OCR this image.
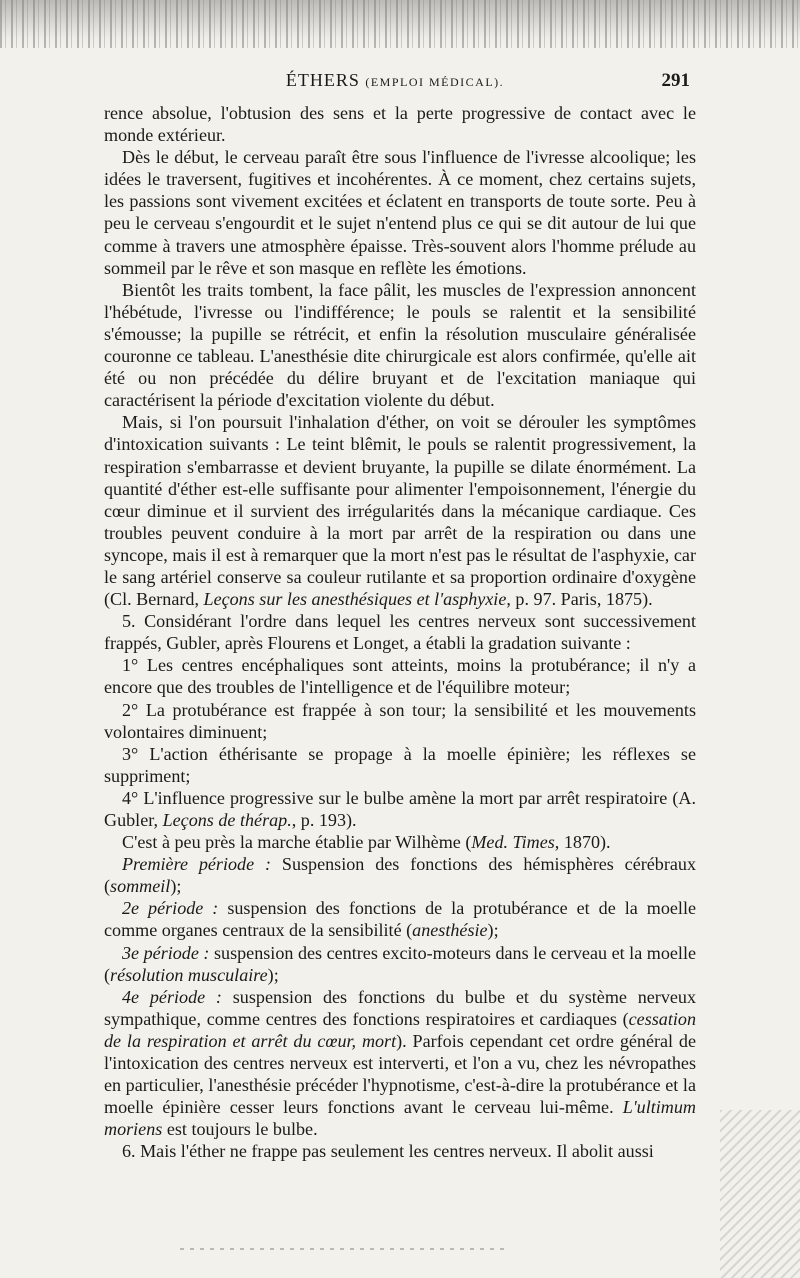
ÉTHERS (EMPLOI MÉDICAL).	291

rence absolue, l'obtusion des sens et la perte progressive de contact avec le monde extérieur.

Dès le début, le cerveau paraît être sous l'influence de l'ivresse alcoolique; les idées le traversent, fugitives et incohérentes. À ce moment, chez certains sujets, les passions sont vivement excitées et éclatent en transports de toute sorte. Peu à peu le cerveau s'engourdit et le sujet n'entend plus ce qui se dit autour de lui que comme à travers une atmosphère épaisse. Très-souvent alors l'homme prélude au sommeil par le rêve et son masque en reflète les émotions.

Bientôt les traits tombent, la face pâlit, les muscles de l'expression annoncent l'hébétude, l'ivresse ou l'indifférence; le pouls se ralentit et la sensibilité s'émousse; la pupille se rétrécit, et enfin la résolution musculaire généralisée couronne ce tableau. L'anesthésie dite chirurgicale est alors confirmée, qu'elle ait été ou non précédée du délire bruyant et de l'excitation maniaque qui caractérisent la période d'excitation violente du début.

Mais, si l'on poursuit l'inhalation d'éther, on voit se dérouler les symptômes d'intoxication suivants : Le teint blêmit, le pouls se ralentit progressivement, la respiration s'embarrasse et devient bruyante, la pupille se dilate énormément. La quantité d'éther est-elle suffisante pour alimenter l'empoisonnement, l'énergie du cœur diminue et il survient des irrégularités dans la mécanique cardiaque. Ces troubles peuvent conduire à la mort par arrêt de la respiration ou dans une syncope, mais il est à remarquer que la mort n'est pas le résultat de l'asphyxie, car le sang artériel conserve sa couleur rutilante et sa proportion ordinaire d'oxygène (Cl. Bernard, Leçons sur les anesthésiques et l'asphyxie, p. 97. Paris, 1875).

5. Considérant l'ordre dans lequel les centres nerveux sont successivement frappés, Gubler, après Flourens et Longet, a établi la gradation suivante :

1° Les centres encéphaliques sont atteints, moins la protubérance; il n'y a encore que des troubles de l'intelligence et de l'équilibre moteur;

2° La protubérance est frappée à son tour; la sensibilité et les mouvements volontaires diminuent;

3° L'action éthérisante se propage à la moelle épinière; les réflexes se suppriment;

4° L'influence progressive sur le bulbe amène la mort par arrêt respiratoire (A. Gubler, Leçons de thérap., p. 193).

C'est à peu près la marche établie par Wilhème (Med. Times, 1870).

Première période : Suspension des fonctions des hémisphères cérébraux (sommeil);

2e période : suspension des fonctions de la protubérance et de la moelle comme organes centraux de la sensibilité (anesthésie);

3e période : suspension des centres excito-moteurs dans le cerveau et la moelle (résolution musculaire);

4e période : suspension des fonctions du bulbe et du système nerveux sympathique, comme centres des fonctions respiratoires et cardiaques (cessation de la respiration et arrêt du cœur, mort). Parfois cependant cet ordre général de l'intoxication des centres nerveux est interverti, et l'on a vu, chez les névropathes en particulier, l'anesthésie précéder l'hypnotisme, c'est-à-dire la protubérance et la moelle épinière cesser leurs fonctions avant le cerveau lui-même. L'ultimum moriens est toujours le bulbe.

6. Mais l'éther ne frappe pas seulement les centres nerveux. Il abolit aussi
